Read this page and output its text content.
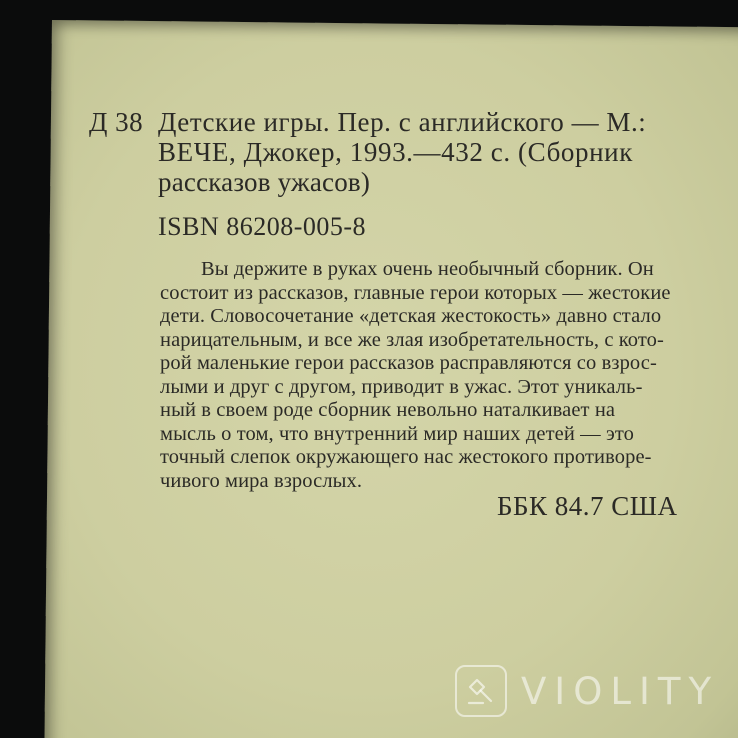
Д 38 Детские игры. Пер. с английского — М.:
ВЕЧЕ, Джокер, 1993.—432 с. (Сборник
рассказов ужасов)
ISBN 86208-005-8
Вы держите в руках очень необычный сборник. Он
состоит из рассказов, главные герои которых — жестокие
дети. Словосочетание «детская жестокость» давно стало
нарицательным, и все же злая изобретательность, с кото-
рой маленькие герои рассказов расправляются со взрос-
лыми и друг с другом, приводит в ужас. Этот уникаль-
ный в своем роде сборник невольно наталкивает на
мысль о том, что внутренний мир наших детей — это
точный слепок окружающего нас жестокого противоре-
чивого мира взрослых.
ББК 84.7 США
VIOLITY
